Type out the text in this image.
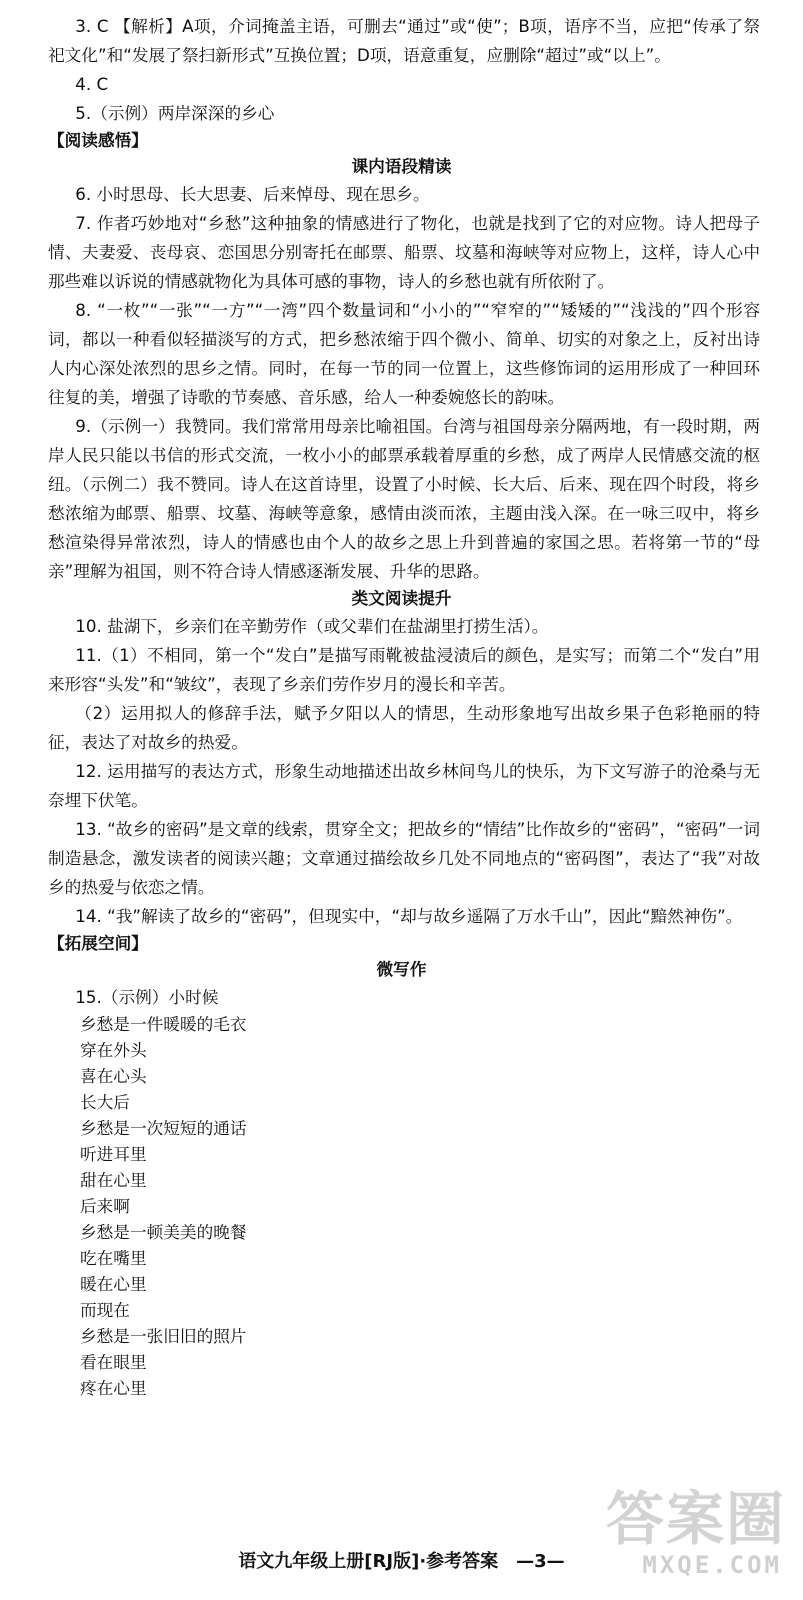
3. C 【解析】A项，介词掩盖主语，可删去“通过”或“使”；B项，语序不当，应把“传承了祭祀文化”和“发展了祭扫新形式”互换位置；D项，语意重复，应删除“超过”或“以上”。

4. C

5.（示例）两岸深深的乡心

【阅读感悟】

课内语段精读

6. 小时思母、长大思妻、后来悼母、现在思乡。

7. 作者巧妙地对“乡愁”这种抽象的情感进行了物化，也就是找到了它的对应物。诗人把母子情、夫妻爱、丧母哀、恋国思分别寄托在邮票、船票、坟墓和海峡等对应物上，这样，诗人心中那些难以诉说的情感就物化为具体可感的事物，诗人的乡愁也就有所依附了。

8. “一枚”“一张”“一方”“一湾”四个数量词和“小小的”“窄窄的”“矮矮的”“浅浅的”四个形容词，都以一种看似轻描淡写的方式，把乡愁浓缩于四个微小、简单、切实的对象之上，反衬出诗人内心深处浓烈的思乡之情。同时，在每一节的同一位置上，这些修饰词的运用形成了一种回环往复的美，增强了诗歌的节奏感、音乐感，给人一种委婉悠长的韵味。

9.（示例一）我赞同。我们常常用母亲比喻祖国。台湾与祖国母亲分隔两地，有一段时期，两岸人民只能以书信的形式交流，一枚小小的邮票承载着厚重的乡愁，成了两岸人民情感交流的枢纽。（示例二）我不赞同。诗人在这首诗里，设置了小时候、长大后、后来、现在四个时段，将乡愁浓缩为邮票、船票、坟墓、海峡等意象，感情由淡而浓，主题由浅入深。在一咏三叹中，将乡愁渲染得异常浓烈，诗人的情感也由个人的故乡之思上升到普遍的家国之思。若将第一节的“母亲”理解为祖国，则不符合诗人情感逐渐发展、升华的思路。

类文阅读提升

10. 盐湖下，乡亲们在辛勤劳作（或父辈们在盐湖里打捞生活）。

11.（1）不相同，第一个“发白”是描写雨靴被盐浸渍后的颜色，是实写；而第二个“发白”用来形容“头发”和“皱纹”，表现了乡亲们劳作岁月的漫长和辛苦。

（2）运用拟人的修辞手法，赋予夕阳以人的情思，生动形象地写出故乡果子色彩艳丽的特征，表达了对故乡的热爱。

12. 运用描写的表达方式，形象生动地描述出故乡林间鸟儿的快乐，为下文写游子的沧桑与无奈埋下伏笔。

13. “故乡的密码”是文章的线索，贯穿全文；把故乡的“情结”比作故乡的“密码”，“密码”一词制造悬念，激发读者的阅读兴趣；文章通过描绘故乡几处不同地点的“密码图”，表达了“我”对故乡的热爱与依恋之情。

14. “我”解读了故乡的“密码”，但现实中，“却与故乡遥隔了万水千山”，因此“黯然神伤”。

【拓展空间】

微写作

15.（示例）小时候

乡愁是一件暖暖的毛衣

穿在外头

喜在心头

长大后

乡愁是一次短短的通话

听进耳里

甜在心里

后来啊

乡愁是一顿美美的晚餐

语文九年级上册[RJ版]·参考答案　—3—
答案圈
MXQE.COM

吃在嘴里

暖在心里

而现在

乡愁是一张旧旧的照片

看在眼里

疼在心里
